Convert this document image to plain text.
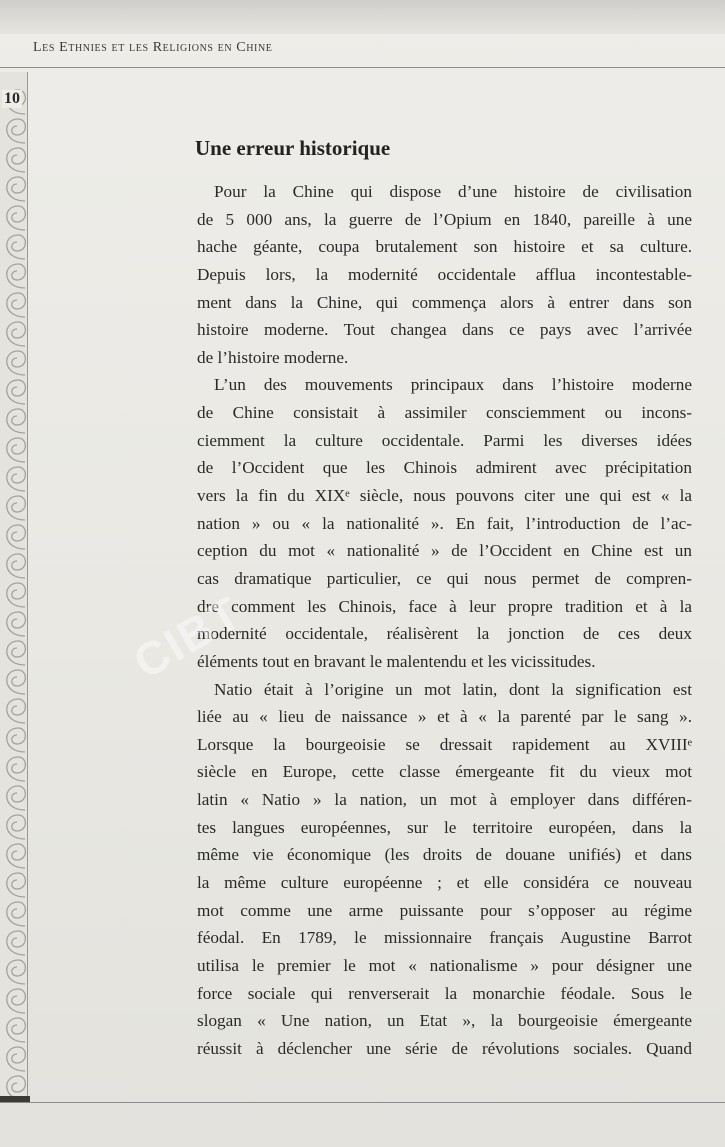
Les Ethnies et les Religions en Chine
10
Une erreur historique
Pour la Chine qui dispose d’une histoire de civilisation
de 5 000 ans, la guerre de l’Opium en 1840, pareille à une
hache géante, coupa brutalement son histoire et sa culture.
Depuis lors, la modernité occidentale afflua incontestable-
ment dans la Chine, qui commença alors à entrer dans son
histoire moderne. Tout changea dans ce pays avec l’arrivée
de l’histoire moderne.
L’un des mouvements principaux dans l’histoire moderne
de Chine consistait à assimiler consciemment ou incons-
ciemment la culture occidentale. Parmi les diverses idées
de l’Occident que les Chinois admirent avec précipitation
vers la fin du XIXᵉ siècle, nous pouvons citer une qui est « la
nation » ou « la nationalité ». En fait, l’introduction de l’ac-
ception du mot « nationalité » de l’Occident en Chine est un
cas dramatique particulier, ce qui nous permet de compren-
dre comment les Chinois, face à leur propre tradition et à la
modernité occidentale, réalisèrent la jonction de ces deux
éléments tout en bravant le malentendu et les vicissitudes.
Natio était à l’origine un mot latin, dont la signification est
liée au « lieu de naissance » et à « la parenté par le sang ».
Lorsque la bourgeoisie se dressait rapidement au XVIIIᵉ
siècle en Europe, cette classe émergeante fit du vieux mot
latin « Natio » la nation, un mot à employer dans différen-
tes langues européennes, sur le territoire européen, dans la
même vie économique (les droits de douane unifiés) et dans
la même culture européenne ; et elle considéra ce nouveau
mot comme une arme puissante pour s’opposer au régime
féodal. En 1789, le missionnaire français Augustine Barrot
utilisa le premier le mot « nationalisme » pour désigner une
force sociale qui renverserait la monarchie féodale. Sous le
slogan « Une nation, un Etat », la bourgeoisie émergeante
réussit à déclencher une série de révolutions sociales. Quand
CIBT
